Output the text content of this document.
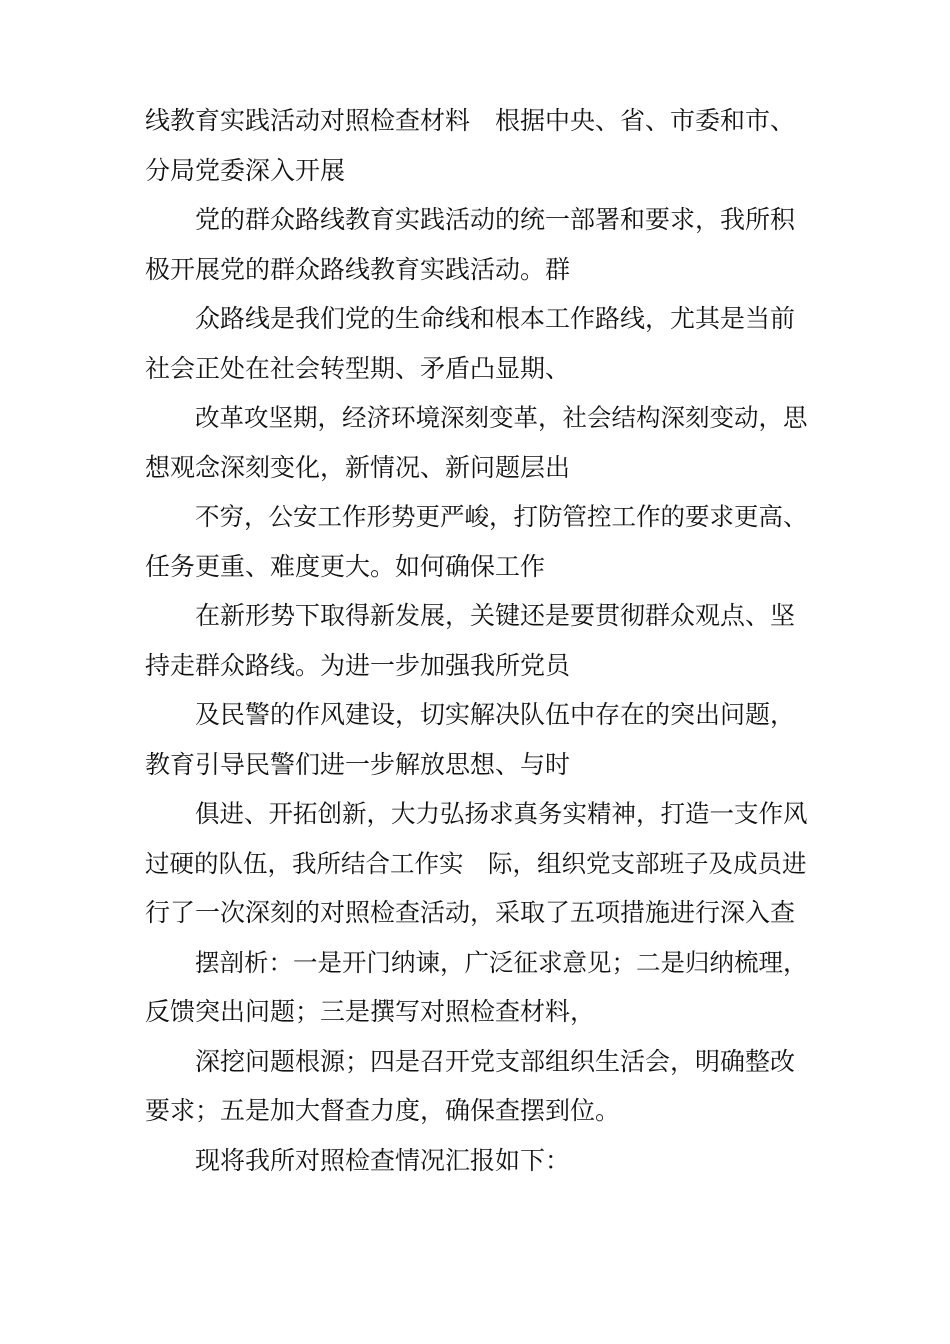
线教育实践活动对照检查材料　根据中央、省、市委和市、
分局党委深入开展
党的群众路线教育实践活动的统一部署和要求，我所积
极开展党的群众路线教育实践活动。群
众路线是我们党的生命线和根本工作路线，尤其是当前
社会正处在社会转型期、矛盾凸显期、
改革攻坚期，经济环境深刻变革，社会结构深刻变动，思
想观念深刻变化，新情况、新问题层出
不穷，公安工作形势更严峻，打防管控工作的要求更高、
任务更重、难度更大。如何确保工作
在新形势下取得新发展，关键还是要贯彻群众观点、坚
持走群众路线。为进一步加强我所党员
及民警的作风建设，切实解决队伍中存在的突出问题，
教育引导民警们进一步解放思想、与时
俱进、开拓创新，大力弘扬求真务实精神，打造一支作风
过硬的队伍，我所结合工作实　际，组织党支部班子及成员进
行了一次深刻的对照检查活动，采取了五项措施进行深入查
摆剖析：一是开门纳谏，广泛征求意见；二是归纳梳理，
反馈突出问题；三是撰写对照检查材料，
深挖问题根源；四是召开党支部组织生活会，明确整改
要求；五是加大督查力度，确保查摆到位。
现将我所对照检查情况汇报如下：
